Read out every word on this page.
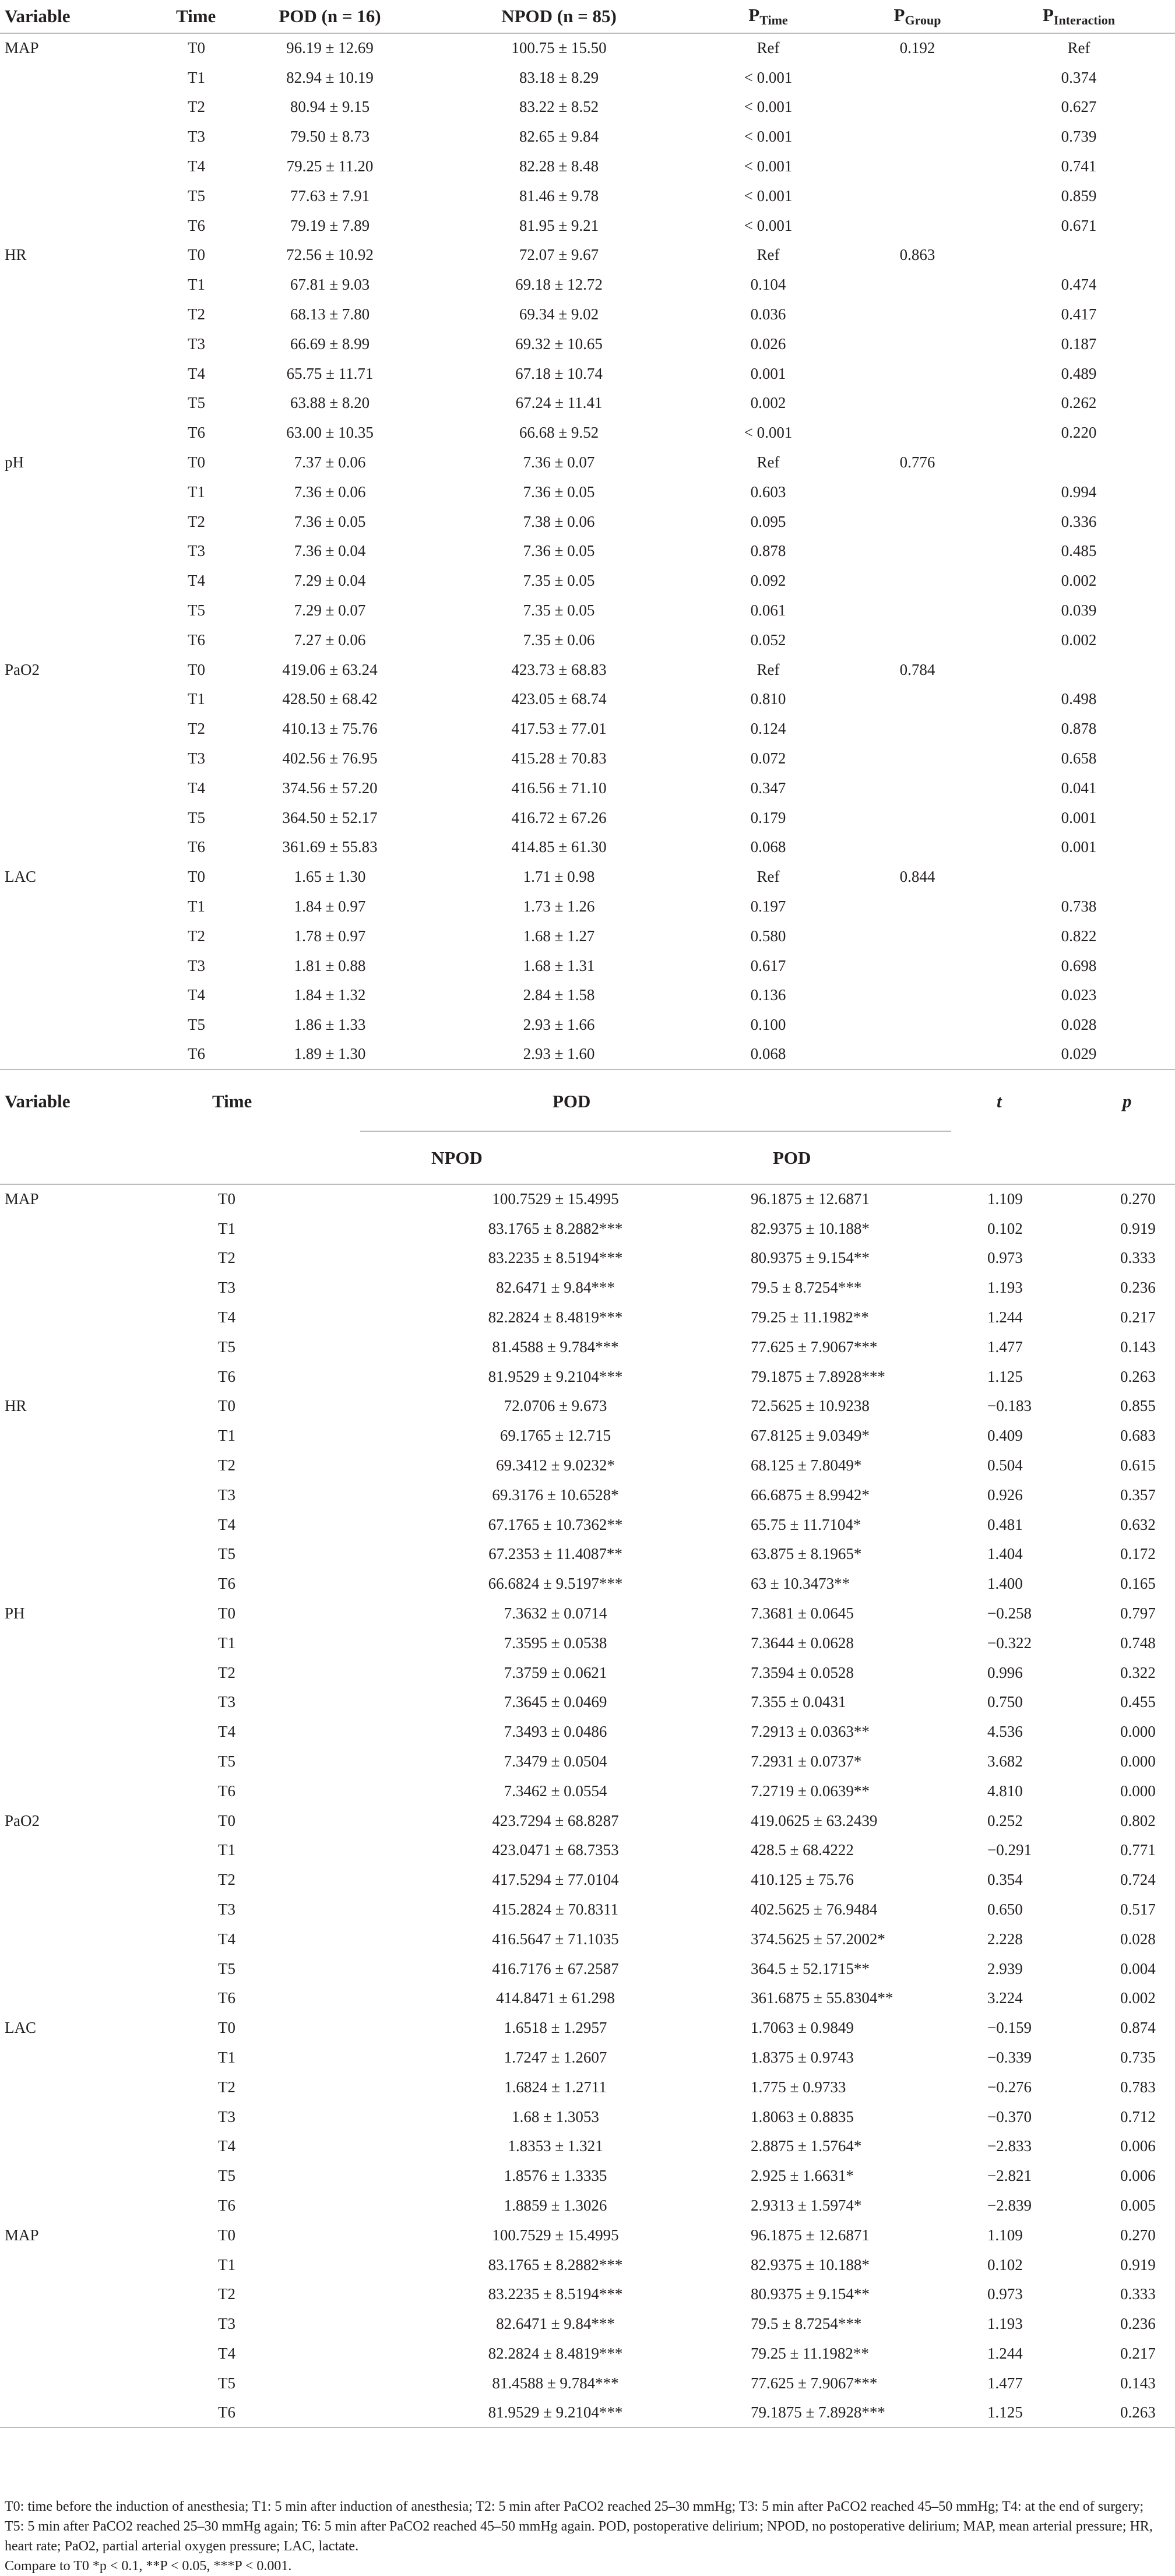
Variable	Time	POD (n = 16)	NPOD (n = 85)	$P_{Time}$	$P_{Group}$	$P_{Interaction}$
MAP	T0	96.19 ± 12.69	100.75 ± 15.50	Ref	0.192	Ref
	T1	82.94 ± 10.19	83.18 ± 8.29	< 0.001		0.374
	T2	80.94 ± 9.15	83.22 ± 8.52	< 0.001		0.627
	T3	79.50 ± 8.73	82.65 ± 9.84	< 0.001		0.739
	T4	79.25 ± 11.20	82.28 ± 8.48	< 0.001		0.741
	T5	77.63 ± 7.91	81.46 ± 9.78	< 0.001		0.859
	T6	79.19 ± 7.89	81.95 ± 9.21	< 0.001		0.671
HR	T0	72.56 ± 10.92	72.07 ± 9.67	Ref	0.863	
	T1	67.81 ± 9.03	69.18 ± 12.72	0.104		0.474
	T2	68.13 ± 7.80	69.34 ± 9.02	0.036		0.417
	T3	66.69 ± 8.99	69.32 ± 10.65	0.026		0.187
	T4	65.75 ± 11.71	67.18 ± 10.74	0.001		0.489
	T5	63.88 ± 8.20	67.24 ± 11.41	0.002		0.262
	T6	63.00 ± 10.35	66.68 ± 9.52	< 0.001		0.220
pH	T0	7.37 ± 0.06	7.36 ± 0.07	Ref	0.776	
	T1	7.36 ± 0.06	7.36 ± 0.05	0.603		0.994
	T2	7.36 ± 0.05	7.38 ± 0.06	0.095		0.336
	T3	7.36 ± 0.04	7.36 ± 0.05	0.878		0.485
	T4	7.29 ± 0.04	7.35 ± 0.05	0.092		0.002
	T5	7.29 ± 0.07	7.35 ± 0.05	0.061		0.039
	T6	7.27 ± 0.06	7.35 ± 0.06	0.052		0.002
PaO2	T0	419.06 ± 63.24	423.73 ± 68.83	Ref	0.784	
	T1	428.50 ± 68.42	423.05 ± 68.74	0.810		0.498
	T2	410.13 ± 75.76	417.53 ± 77.01	0.124		0.878
	T3	402.56 ± 76.95	415.28 ± 70.83	0.072		0.658
	T4	374.56 ± 57.20	416.56 ± 71.10	0.347		0.041
	T5	364.50 ± 52.17	416.72 ± 67.26	0.179		0.001
	T6	361.69 ± 55.83	414.85 ± 61.30	0.068		0.001
LAC	T0	1.65 ± 1.30	1.71 ± 0.98	Ref	0.844	
	T1	1.84 ± 0.97	1.73 ± 1.26	0.197		0.738
	T2	1.78 ± 0.97	1.68 ± 1.27	0.580		0.822
	T3	1.81 ± 0.88	1.68 ± 1.31	0.617		0.698
	T4	1.84 ± 1.32	2.84 ± 1.58	0.136		0.023
	T5	1.86 ± 1.33	2.93 ± 1.66	0.100		0.028
	T6	1.89 ± 1.30	2.93 ± 1.60	0.068		0.029
Variable	Time	POD		t	p
		NPOD	POD		
MAP	T0	100.7529 ± 15.4995	96.1875 ± 12.6871	1.109	0.270
	T1	83.1765 ± 8.2882***	82.9375 ± 10.188*	0.102	0.919
	T2	83.2235 ± 8.5194***	80.9375 ± 9.154**	0.973	0.333
	T3	82.6471 ± 9.84***	79.5 ± 8.7254***	1.193	0.236
	T4	82.2824 ± 8.4819***	79.25 ± 11.1982**	1.244	0.217
	T5	81.4588 ± 9.784***	77.625 ± 7.9067***	1.477	0.143
	T6	81.9529 ± 9.2104***	79.1875 ± 7.8928***	1.125	0.263
HR	T0	72.0706 ± 9.673	72.5625 ± 10.9238	−0.183	0.855
	T1	69.1765 ± 12.715	67.8125 ± 9.0349*	0.409	0.683
	T2	69.3412 ± 9.0232*	68.125 ± 7.8049*	0.504	0.615
	T3	69.3176 ± 10.6528*	66.6875 ± 8.9942*	0.926	0.357
	T4	67.1765 ± 10.7362**	65.75 ± 11.7104*	0.481	0.632
	T5	67.2353 ± 11.4087**	63.875 ± 8.1965*	1.404	0.172
	T6	66.6824 ± 9.5197***	63 ± 10.3473**	1.400	0.165
PH	T0	7.3632 ± 0.0714	7.3681 ± 0.0645	−0.258	0.797
	T1	7.3595 ± 0.0538	7.3644 ± 0.0628	−0.322	0.748
	T2	7.3759 ± 0.0621	7.3594 ± 0.0528	0.996	0.322
	T3	7.3645 ± 0.0469	7.355 ± 0.0431	0.750	0.455
	T4	7.3493 ± 0.0486	7.2913 ± 0.0363**	4.536	0.000
	T5	7.3479 ± 0.0504	7.2931 ± 0.0737*	3.682	0.000
	T6	7.3462 ± 0.0554	7.2719 ± 0.0639**	4.810	0.000
PaO2	T0	423.7294 ± 68.8287	419.0625 ± 63.2439	0.252	0.802
	T1	423.0471 ± 68.7353	428.5 ± 68.4222	−0.291	0.771
	T2	417.5294 ± 77.0104	410.125 ± 75.76	0.354	0.724
	T3	415.2824 ± 70.8311	402.5625 ± 76.9484	0.650	0.517
	T4	416.5647 ± 71.1035	374.5625 ± 57.2002*	2.228	0.028
	T5	416.7176 ± 67.2587	364.5 ± 52.1715**	2.939	0.004
	T6	414.8471 ± 61.298	361.6875 ± 55.8304**	3.224	0.002
LAC	T0	1.6518 ± 1.2957	1.7063 ± 0.9849	−0.159	0.874
	T1	1.7247 ± 1.2607	1.8375 ± 0.9743	−0.339	0.735
	T2	1.6824 ± 1.2711	1.775 ± 0.9733	−0.276	0.783
	T3	1.68 ± 1.3053	1.8063 ± 0.8835	−0.370	0.712
	T4	1.8353 ± 1.321	2.8875 ± 1.5764*	−2.833	0.006
	T5	1.8576 ± 1.3335	2.925 ± 1.6631*	−2.821	0.006
	T6	1.8859 ± 1.3026	2.9313 ± 1.5974*	−2.839	0.005
MAP	T0	100.7529 ± 15.4995	96.1875 ± 12.6871	1.109	0.270
	T1	83.1765 ± 8.2882***	82.9375 ± 10.188*	0.102	0.919
	T2	83.2235 ± 8.5194***	80.9375 ± 9.154**	0.973	0.333
	T3	82.6471 ± 9.84***	79.5 ± 8.7254***	1.193	0.236
	T4	82.2824 ± 8.4819***	79.25 ± 11.1982**	1.244	0.217
	T5	81.4588 ± 9.784***	77.625 ± 7.9067***	1.477	0.143
	T6	81.9529 ± 9.2104***	79.1875 ± 7.8928***	1.125	0.263

T0: time before the induction of anesthesia; T1: 5 min after induction of anesthesia; T2: 5 min after PaCO2 reached 25–30 mmHg; T3: 5 min after PaCO2 reached 45–50 mmHg; T4: at the end of surgery; T5: 5 min after PaCO2 reached 25–30 mmHg again; T6: 5 min after PaCO2 reached 45–50 mmHg again. POD, postoperative delirium; NPOD, no postoperative delirium; MAP, mean arterial pressure; HR, heart rate; PaO2, partial arterial oxygen pressure; LAC, lactate.

Compare to T0 *p < 0.1, **P < 0.05, ***P < 0.001.
